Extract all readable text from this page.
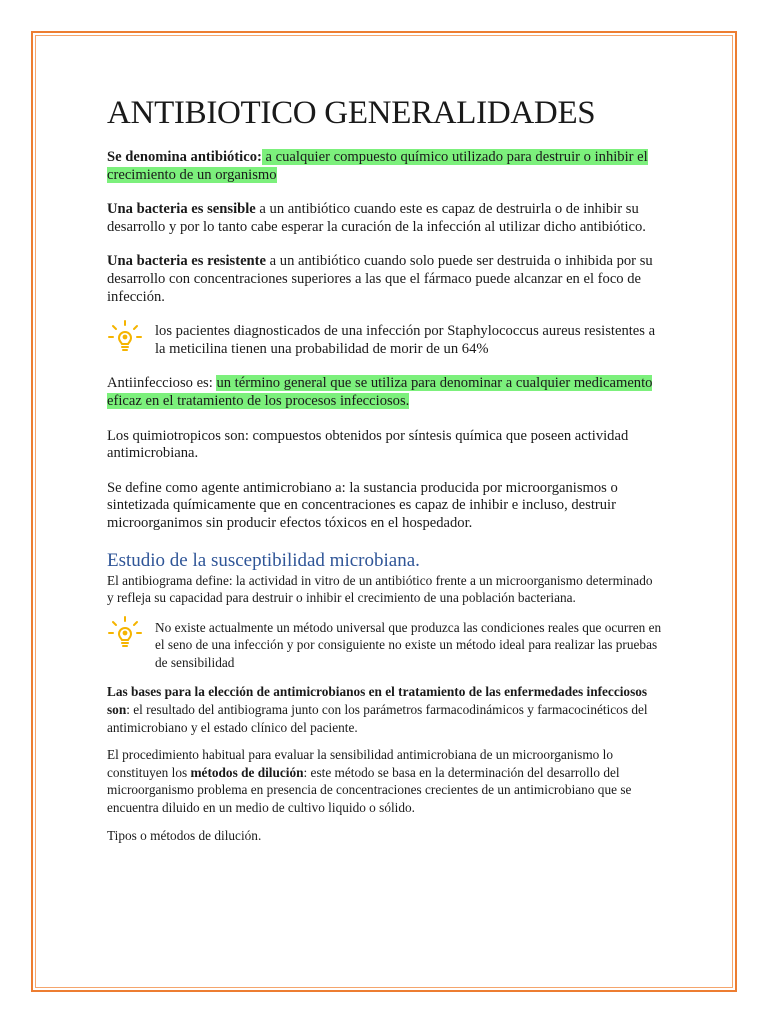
ANTIBIOTICO GENERALIDADES

Se denomina antibiótico: a cualquier compuesto químico utilizado para destruir o inhibir el crecimiento de un organismo

Una bacteria es sensible a un antibiótico cuando este es capaz de destruirla o de inhibir su desarrollo y por lo tanto cabe esperar la curación de la infección al utilizar dicho antibiótico.

Una bacteria es resistente a un antibiótico cuando solo puede ser destruida o inhibida por su desarrollo con concentraciones superiores a las que el fármaco puede alcanzar en el foco de infección.

los pacientes diagnosticados de una infección por Staphylococcus aureus resistentes a la meticilina tienen una probabilidad de morir de un 64%

Antiinfeccioso es: un término general que se utiliza para denominar a cualquier medicamento eficaz en el tratamiento de los procesos infecciosos.

Los quimiotropicos son: compuestos obtenidos por síntesis química que poseen actividad antimicrobiana.

Se define como agente antimicrobiano a: la sustancia producida por microorganismos o sintetizada químicamente que en concentraciones es capaz de inhibir e incluso, destruir microorganimos sin producir efectos tóxicos en el hospedador.

Estudio de la susceptibilidad microbiana.

El antibiograma define: la actividad in vitro de un antibiótico frente a un microorganismo determinado y refleja su capacidad para destruir o inhibir el crecimiento de una población bacteriana.

No existe actualmente un método universal que produzca las condiciones reales que ocurren en el seno de una infección y por consiguiente no existe un método ideal para realizar las pruebas de sensibilidad

Las bases para la elección de antimicrobianos en el tratamiento de las enfermedades infecciosos son: el resultado del antibiograma junto con los parámetros farmacodinámicos y farmacocinéticos del antimicrobiano y el estado clínico del paciente.

El procedimiento habitual para evaluar la sensibilidad antimicrobiana de un microorganismo lo constituyen los métodos de dilución: este método se basa en la determinación del desarrollo del microorganismo problema en presencia de concentraciones crecientes de un antimicrobiano que se encuentra diluido en un medio de cultivo liquido o sólido.

Tipos o métodos de dilución.
